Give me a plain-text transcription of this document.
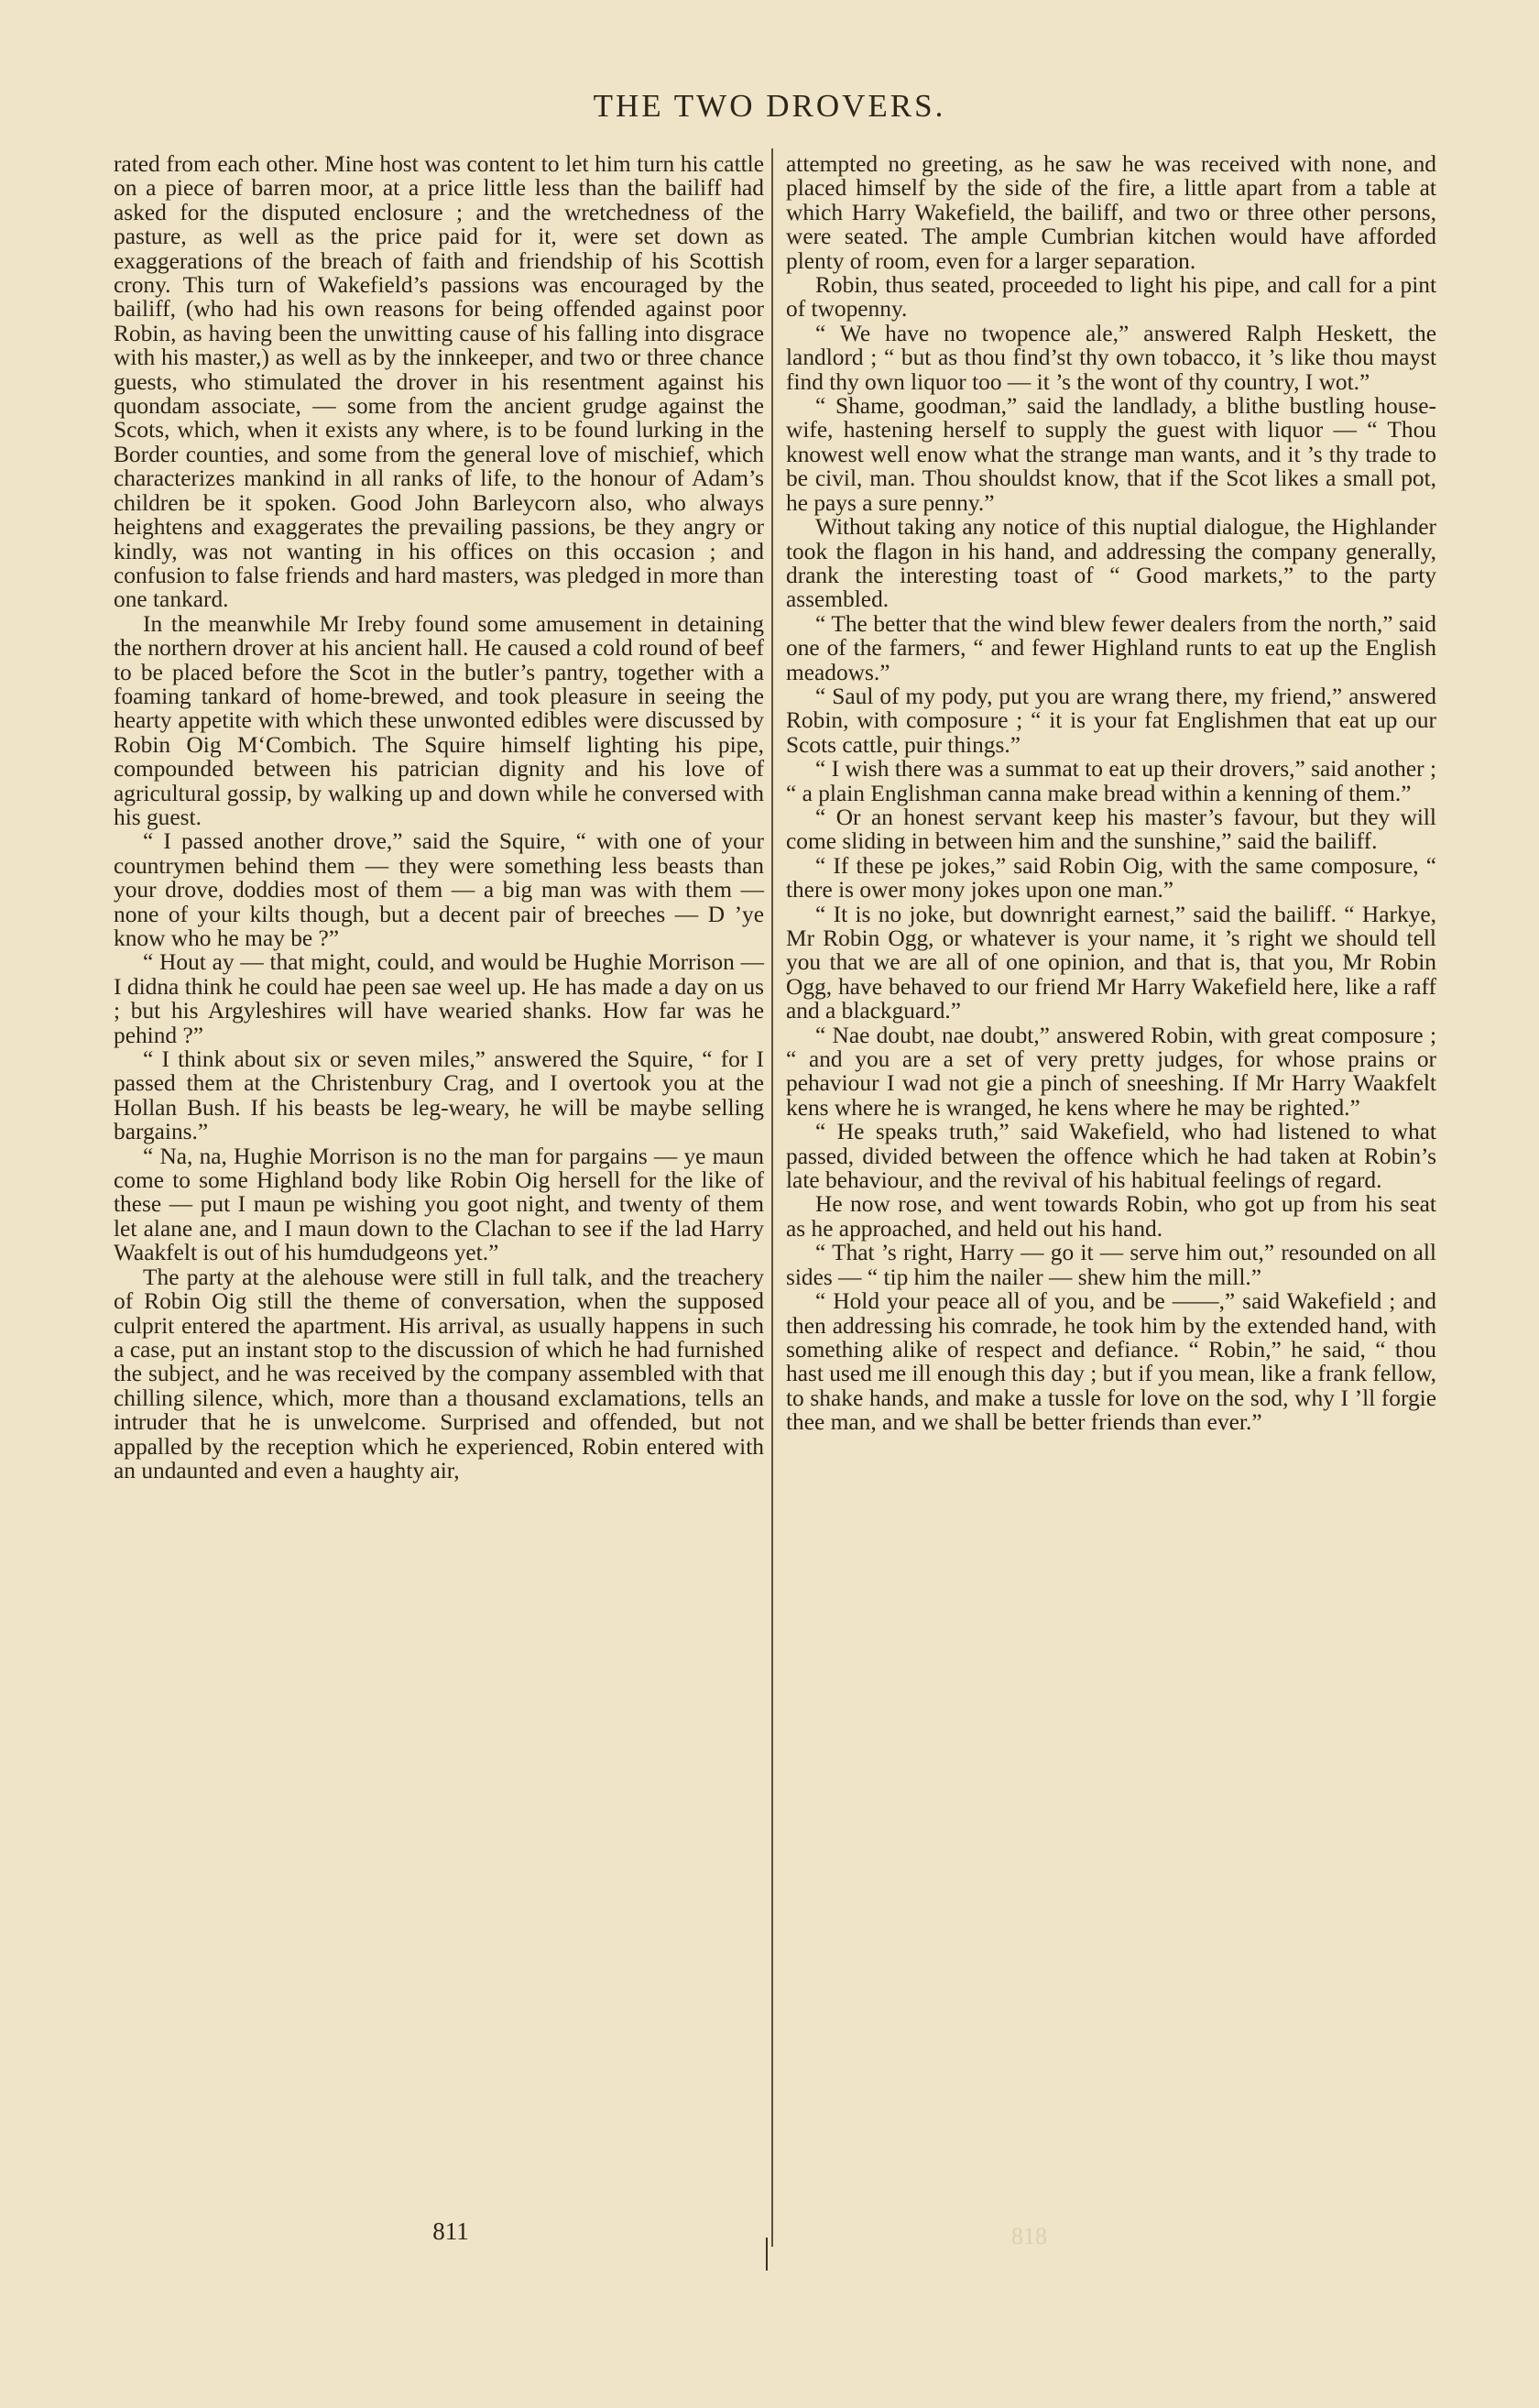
THE TWO DROVERS.

rated from each other. Mine host was content to let him turn his cattle on a piece of barren moor, at a price little less than the bailiff had asked for the disputed enclosure ; and the wretchedness of the pasture, as well as the price paid for it, were set down as exaggerations of the breach of faith and friendship of his Scottish crony. This turn of Wakefield’s passions was encouraged by the bailiff, (who had his own reasons for being offended against poor Robin, as having been the unwitting cause of his falling into disgrace with his master,) as well as by the innkeeper, and two or three chance guests, who stimulated the drover in his resentment against his quondam associate, — some from the ancient grudge against the Scots, which, when it exists any where, is to be found lurking in the Border counties, and some from the general love of mischief, which characterizes mankind in all ranks of life, to the honour of Adam’s children be it spoken. Good John Barleycorn also, who always heightens and exaggerates the prevailing passions, be they angry or kindly, was not wanting in his offices on this occasion ; and confusion to false friends and hard masters, was pledged in more than one tankard.

In the meanwhile Mr Ireby found some amusement in detaining the northern drover at his ancient hall. He caused a cold round of beef to be placed before the Scot in the butler’s pantry, together with a foaming tankard of home-brewed, and took pleasure in seeing the hearty appetite with which these unwonted edibles were discussed by Robin Oig M‘Combich. The Squire himself lighting his pipe, compounded between his patrician dignity and his love of agricultural gossip, by walking up and down while he conversed with his guest.

“ I passed another drove,” said the Squire, “ with one of your countrymen behind them — they were something less beasts than your drove, doddies most of them — a big man was with them — none of your kilts though, but a decent pair of breeches — D ’ye know who he may be ?”

“ Hout ay — that might, could, and would be Hughie Morrison — I didna think he could hae peen sae weel up. He has made a day on us ; but his Argyleshires will have wearied shanks. How far was he pehind ?”

“ I think about six or seven miles,” answered the Squire, “ for I passed them at the Christenbury Crag, and I overtook you at the Hollan Bush. If his beasts be leg-weary, he will be maybe selling bargains.”

“ Na, na, Hughie Morrison is no the man for pargains — ye maun come to some Highland body like Robin Oig hersell for the like of these — put I maun pe wishing you goot night, and twenty of them let alane ane, and I maun down to the Clachan to see if the lad Harry Waakfelt is out of his humdudgeons yet.”

The party at the alehouse were still in full talk, and the treachery of Robin Oig still the theme of conversation, when the supposed culprit entered the apartment. His arrival, as usually happens in such a case, put an instant stop to the discussion of which he had furnished the subject, and he was received by the company assembled with that chilling silence, which, more than a thousand exclamations, tells an intruder that he is unwelcome. Surprised and offended, but not appalled by the reception which he experienced, Robin entered with an undaunted and even a haughty air,

attempted no greeting, as he saw he was received with none, and placed himself by the side of the fire, a little apart from a table at which Harry Wakefield, the bailiff, and two or three other persons, were seated. The ample Cumbrian kitchen would have afforded plenty of room, even for a larger separation.

Robin, thus seated, proceeded to light his pipe, and call for a pint of twopenny.

“ We have no twopence ale,” answered Ralph Heskett, the landlord ; “ but as thou find’st thy own tobacco, it ’s like thou mayst find thy own liquor too — it ’s the wont of thy country, I wot.”

“ Shame, goodman,” said the landlady, a blithe bustling house-wife, hastening herself to supply the guest with liquor — “ Thou knowest well enow what the strange man wants, and it ’s thy trade to be civil, man. Thou shouldst know, that if the Scot likes a small pot, he pays a sure penny.”

Without taking any notice of this nuptial dialogue, the Highlander took the flagon in his hand, and addressing the company generally, drank the interesting toast of “ Good markets,” to the party assembled.

“ The better that the wind blew fewer dealers from the north,” said one of the farmers, “ and fewer Highland runts to eat up the English meadows.”

“ Saul of my pody, put you are wrang there, my friend,” answered Robin, with composure ; “ it is your fat Englishmen that eat up our Scots cattle, puir things.”

“ I wish there was a summat to eat up their drovers,” said another ; “ a plain Englishman canna make bread within a kenning of them.”

“ Or an honest servant keep his master’s favour, but they will come sliding in between him and the sunshine,” said the bailiff.

“ If these pe jokes,” said Robin Oig, with the same composure, “ there is ower mony jokes upon one man.”

“ It is no joke, but downright earnest,” said the bailiff. “ Harkye, Mr Robin Ogg, or whatever is your name, it ’s right we should tell you that we are all of one opinion, and that is, that you, Mr Robin Ogg, have behaved to our friend Mr Harry Wakefield here, like a raff and a blackguard.”

“ Nae doubt, nae doubt,” answered Robin, with great composure ; “ and you are a set of very pretty judges, for whose prains or pehaviour I wad not gie a pinch of sneeshing. If Mr Harry Waakfelt kens where he is wranged, he kens where he may be righted.”

“ He speaks truth,” said Wakefield, who had listened to what passed, divided between the offence which he had taken at Robin’s late behaviour, and the revival of his habitual feelings of regard.

He now rose, and went towards Robin, who got up from his seat as he approached, and held out his hand.

“ That ’s right, Harry — go it — serve him out,” resounded on all sides — “ tip him the nailer — shew him the mill.”

“ Hold your peace all of you, and be ——,” said Wakefield ; and then addressing his comrade, he took him by the extended hand, with something alike of respect and defiance. “ Robin,” he said, “ thou hast used me ill enough this day ; but if you mean, like a frank fellow, to shake hands, and make a tussle for love on the sod, why I ’ll forgie thee man, and we shall be better friends than ever.”

811	818
